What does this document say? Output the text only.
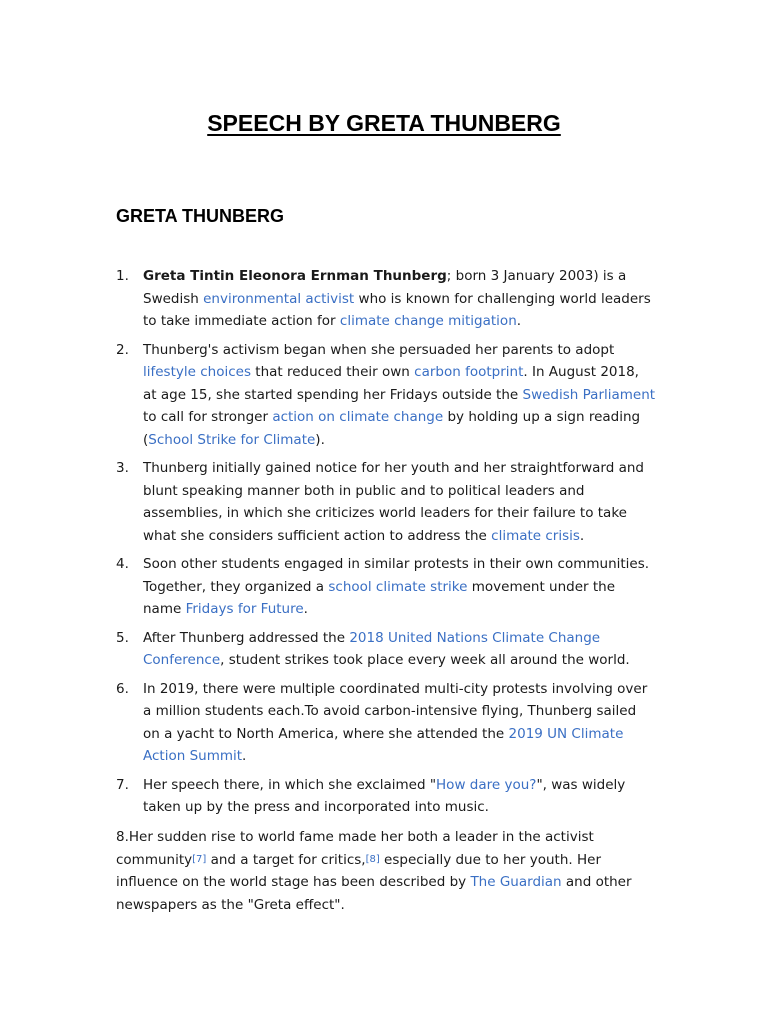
SPEECH BY GRETA THUNBERG
GRETA THUNBERG
1. Greta Tintin Eleonora Ernman Thunberg; born 3 January 2003) is a Swedish environmental activist who is known for challenging world leaders to take immediate action for climate change mitigation.
2. Thunberg's activism began when she persuaded her parents to adopt lifestyle choices that reduced their own carbon footprint. In August 2018, at age 15, she started spending her Fridays outside the Swedish Parliament to call for stronger action on climate change by holding up a sign reading (School Strike for Climate).
3. Thunberg initially gained notice for her youth and her straightforward and blunt speaking manner both in public and to political leaders and assemblies, in which she criticizes world leaders for their failure to take what she considers sufficient action to address the climate crisis.
4. Soon other students engaged in similar protests in their own communities. Together, they organized a school climate strike movement under the name Fridays for Future.
5. After Thunberg addressed the 2018 United Nations Climate Change Conference, student strikes took place every week all around the world.
6. In 2019, there were multiple coordinated multi-city protests involving over a million students each.To avoid carbon-intensive flying, Thunberg sailed on a yacht to North America, where she attended the 2019 UN Climate Action Summit.
7. Her speech there, in which she exclaimed "How dare you?", was widely taken up by the press and incorporated into music.

8.Her sudden rise to world fame made her both a leader in the activist community[7] and a target for critics,[8] especially due to her youth. Her influence on the world stage has been described by The Guardian and other newspapers as the "Greta effect".
